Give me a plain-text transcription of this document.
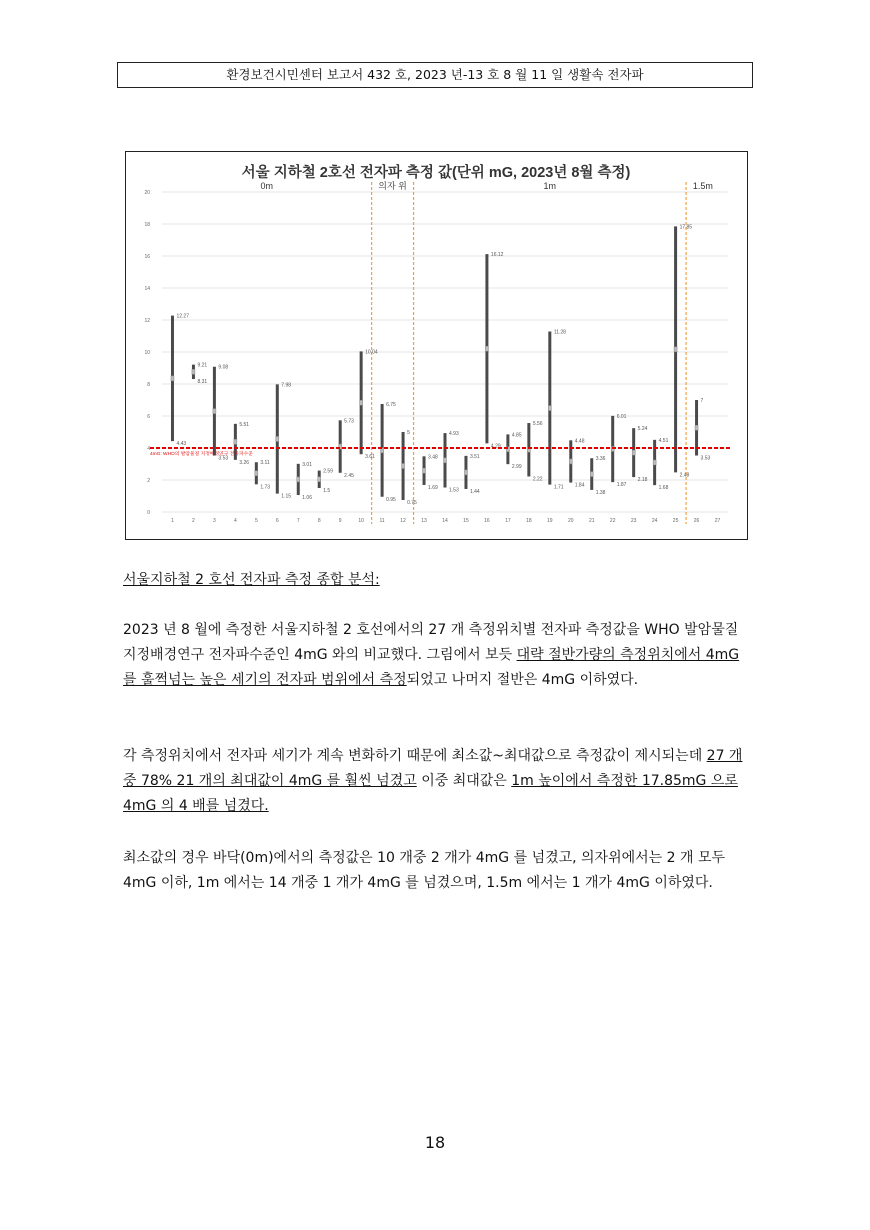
환경보건시민센터 보고서 432 호, 2023 년-13 호 8 월 11 일 생활속 전자파
서울 지하철 2호선 전자파 측정 값(단위 mG, 2023년 8월 측정)
0
2
4
6
8
10
12
14
16
18
20
1	2	3	4	5	6	7	8	9	10	11	12	13	14	15	16	17	18	19	20	21	22	23	24	25	26	27
0m	의자 위	1m	1.5m
12.27
4.43
9.21
8.31
9.08
3.53
5.51
3.26 3.11
1.73
7.98
1.15
3.01
1.06
2.59
1.5
5.73
2.45
10.04
3.61
6.75
0.95
5
0.75
3.48
1.69
4.93
1.53
3.51
1.44
16.12
4.29
4.85
2.99
5.56
2.22
11.28
1.71
4.48
1.84
3.36
1.38
6.01
1.87
5.24
2.18
4.51
1.68
17.85
2.48
7
3.53
4mG: WHO의 발암물질 지정배경연구 전자파수준

서울지하철 2 호선 전자파 측정 종합 분석:

2023 년 8 월에 측정한 서울지하철 2 호선에서의 27 개 측정위치별 전자파 측정값을 WHO 발암물질 지정배경연구 전자파수준인 4mG 와의 비교했다. 그림에서 보듯 대략 절반가량의 측정위치에서 4mG 를 훌쩍넘는 높은 세기의 전자파 범위에서 측정되었고 나머지 절반은 4mG 이하였다.

각 측정위치에서 전자파 세기가 계속 변화하기 때문에 최소값~최대값으로 측정값이 제시되는데 27 개중 78% 21 개의 최대값이 4mG 를 훨씬 넘겼고 이중 최대값은 1m 높이에서 측정한 17.85mG 으로 4mG 의 4 배를 넘겼다.

최소값의 경우 바닥(0m)에서의 측정값은 10 개중 2 개가 4mG 를 넘겼고, 의자위에서는 2 개 모두 4mG 이하, 1m 에서는 14 개중 1 개가 4mG 를 넘겼으며, 1.5m 에서는 1 개가 4mG 이하였다.

18
